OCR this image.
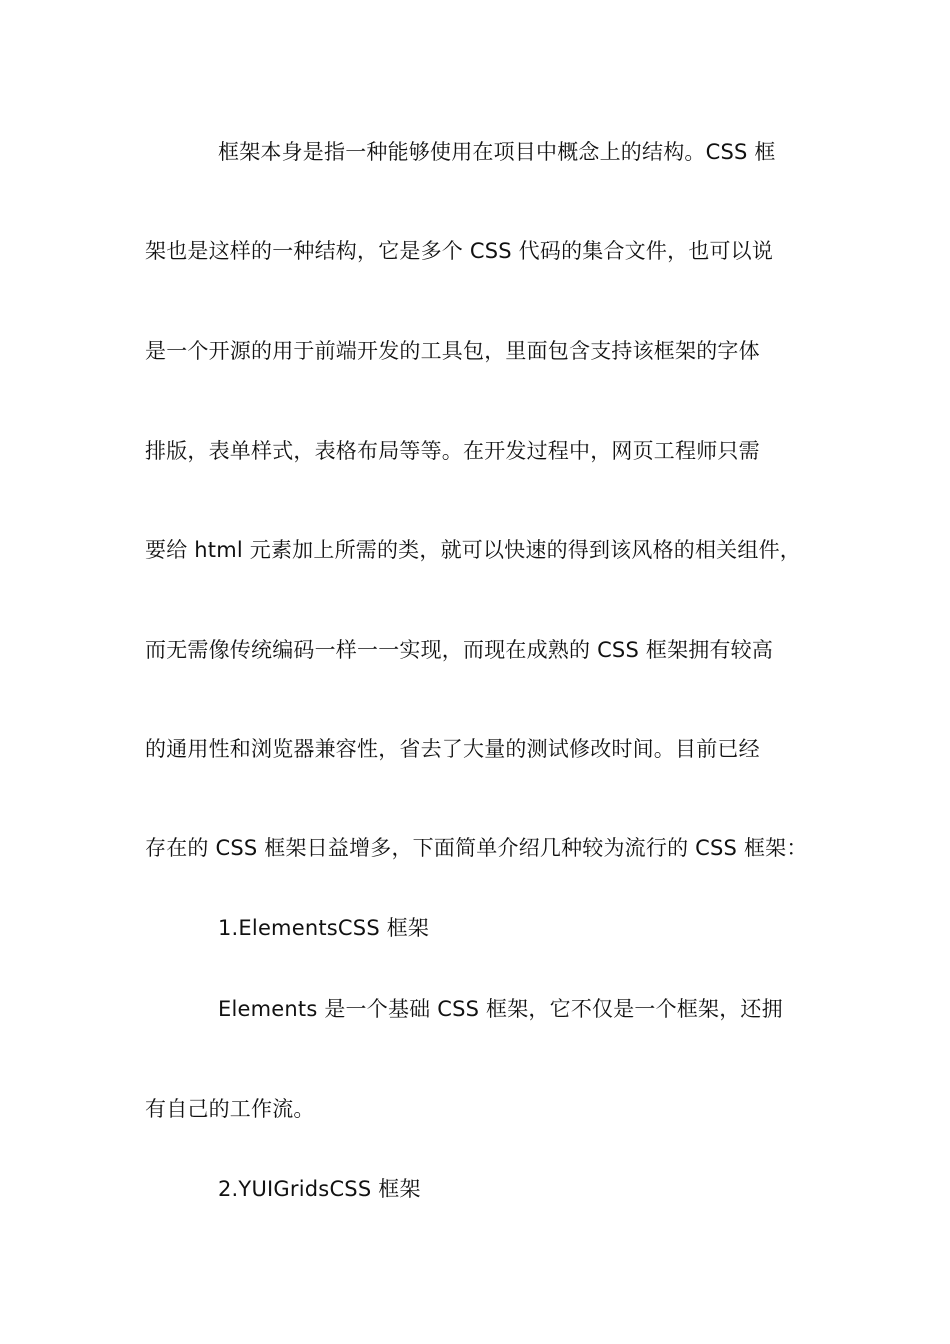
框架本身是指一种能够使用在项目中概念上的结构。CSS 框
架也是这样的一种结构，它是多个 CSS 代码的集合文件，也可以说
是一个开源的用于前端开发的工具包，里面包含支持该框架的字体
排版，表单样式，表格布局等等。在开发过程中，网页工程师只需
要给 html 元素加上所需的类，就可以快速的得到该风格的相关组件，
而无需像传统编码一样一一实现，而现在成熟的 CSS 框架拥有较高
的通用性和浏览器兼容性，省去了大量的测试修改时间。目前已经
存在的 CSS 框架日益增多，下面简单介绍几种较为流行的 CSS 框架：
1.ElementsCSS 框架
Elements 是一个基础 CSS 框架，它不仅是一个框架，还拥
有自己的工作流。
2.YUIGridsCSS 框架
